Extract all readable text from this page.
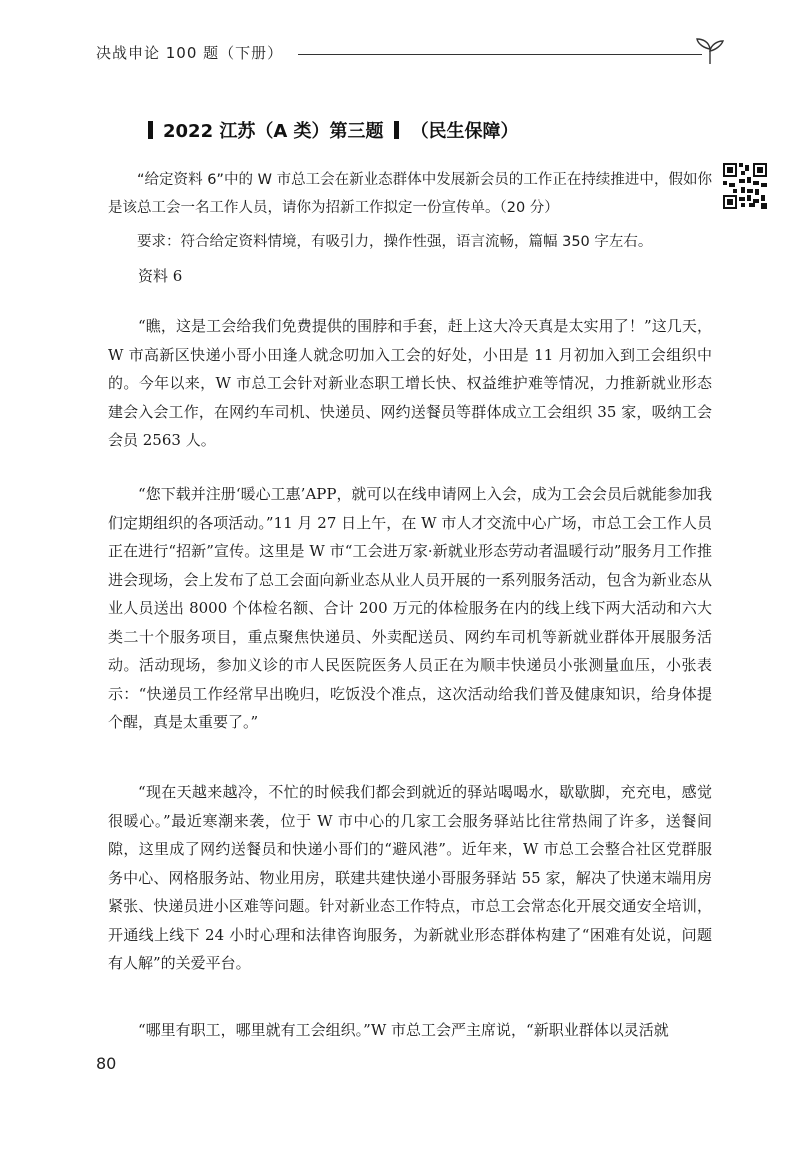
决战申论 100 题（下册）
2022 江苏（A 类）第三题 （民生保障）

“给定资料 6”中的 W 市总工会在新业态群体中发展新会员的工作正在持续推进中，假如你是该总工会一名工作人员，请你为招新工作拟定一份宣传单。（20 分）

要求：符合给定资料情境，有吸引力，操作性强，语言流畅，篇幅 350 字左右。

资料 6

“瞧，这是工会给我们免费提供的围脖和手套，赶上这大冷天真是太实用了！”这几天，W 市高新区快递小哥小田逢人就念叨加入工会的好处，小田是 11 月初加入到工会组织中的。今年以来，W 市总工会针对新业态职工增长快、权益维护难等情况，力推新就业形态建会入会工作，在网约车司机、快递员、网约送餐员等群体成立工会组织 35 家，吸纳工会会员 2563 人。

“您下载并注册‘暖心工惠’APP，就可以在线申请网上入会，成为工会会员后就能参加我们定期组织的各项活动。”11 月 27 日上午，在 W 市人才交流中心广场，市总工会工作人员正在进行“招新”宣传。这里是 W 市“工会进万家·新就业形态劳动者温暖行动”服务月工作推进会现场，会上发布了总工会面向新业态从业人员开展的一系列服务活动，包含为新业态从业人员送出 8000 个体检名额、合计 200 万元的体检服务在内的线上线下两大活动和六大类二十个服务项目，重点聚焦快递员、外卖配送员、网约车司机等新就业群体开展服务活动。活动现场，参加义诊的市人民医院医务人员正在为顺丰快递员小张测量血压，小张表示：“快递员工作经常早出晚归，吃饭没个准点，这次活动给我们普及健康知识，给身体提个醒，真是太重要了。”

“现在天越来越冷，不忙的时候我们都会到就近的驿站喝喝水，歇歇脚，充充电，感觉很暖心。”最近寒潮来袭，位于 W 市中心的几家工会服务驿站比往常热闹了许多，送餐间隙，这里成了网约送餐员和快递小哥们的“避风港”。近年来，W 市总工会整合社区党群服务中心、网格服务站、物业用房，联建共建快递小哥服务驿站 55 家，解决了快递末端用房紧张、快递员进小区难等问题。针对新业态工作特点，市总工会常态化开展交通安全培训，开通线上线下 24 小时心理和法律咨询服务，为新就业形态群体构建了“困难有处说，问题有人解”的关爱平台。

“哪里有职工，哪里就有工会组织。”W 市总工会严主席说，“新职业群体以灵活就

80
